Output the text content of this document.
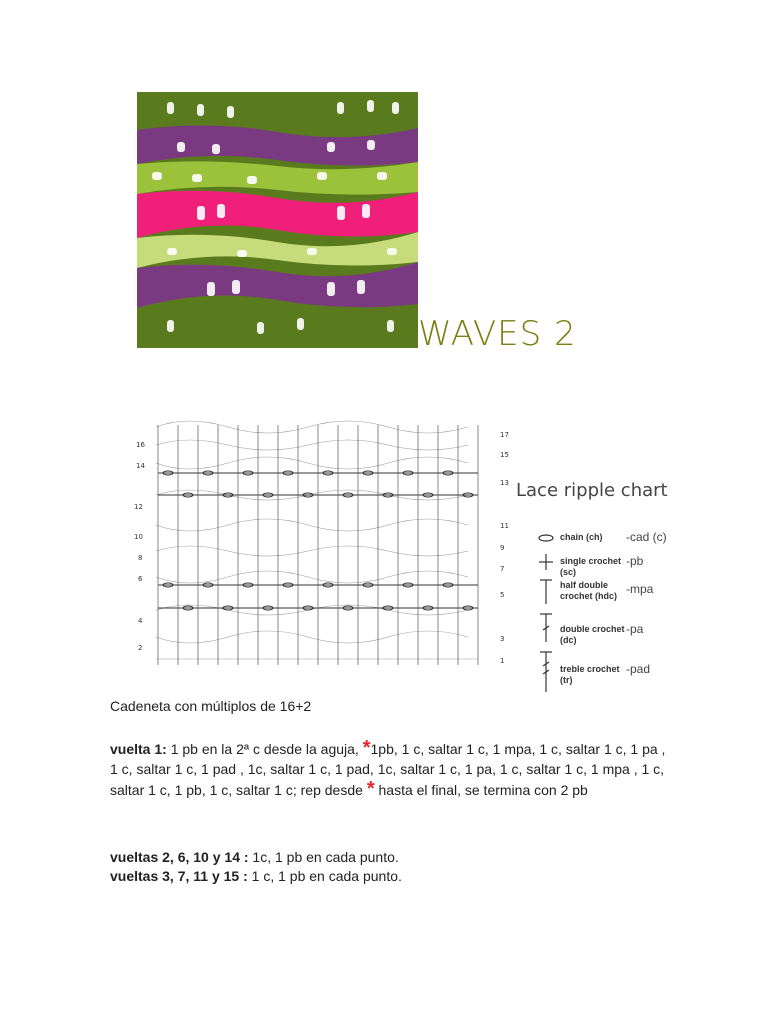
WAVES 2
16
14
12
10
8
6
4
2
17
15
13
11
9
7
5
3
1
Lace ripple chart
chain (ch)	-cad (c)
single crochet (sc)
-pb
half double crochet (hdc) -mpa
double crochet (dc)
-pa
treble crochet (tr)
-pad
Cadeneta con múltiplos de 16+2
vuelta 1: 1 pb en la 2ª c desde la aguja, *1pb, 1 c, saltar 1 c, 1 mpa, 1 c, saltar 1 c, 1 pa , 1 c, saltar 1 c, 1 pad , 1c, saltar 1 c, 1 pad, 1c, saltar 1 c, 1 pa, 1 c, saltar 1 c, 1 mpa , 1 c, saltar 1 c, 1 pb, 1 c, saltar 1 c; rep desde * hasta el final, se termina con 2 pb
vueltas 2, 6, 10 y 14 : 1c, 1 pb en cada punto.
vueltas 3, 7, 11 y 15 : 1 c, 1 pb en cada punto.
